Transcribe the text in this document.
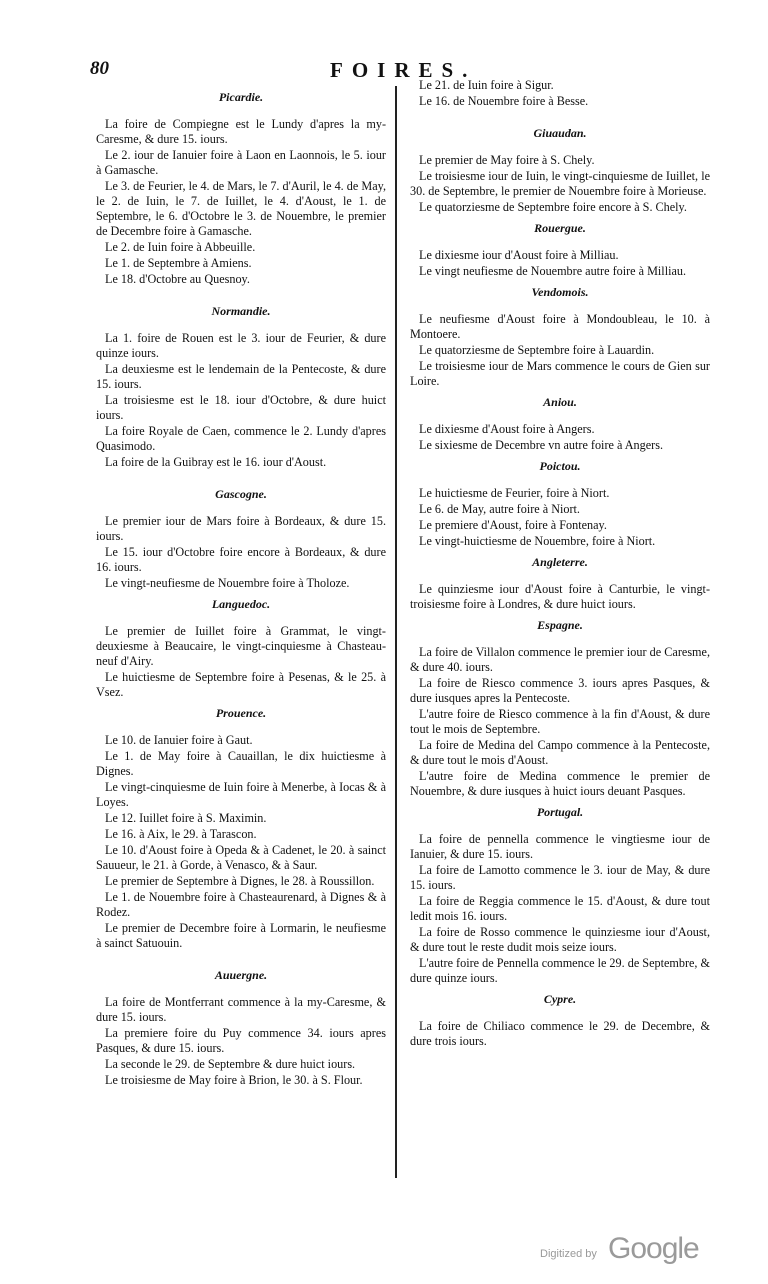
80	FOIRES.
Picardie.

La foire de Compiegne est le Lundy d'apres la my-Caresme, & dure 15. iours.

Le 2. iour de Ianuier foire à Laon en Laonnois, le 5. iour à Gamasche.

Le 3. de Feurier, le 4. de Mars, le 7. d'Auril, le 4. de May, le 2. de Iuin, le 7. de Iuillet, le 4. d'Aoust, le 1. de Septembre, le 6. d'Octobre le 3. de Nouembre, le premier de Decembre foire à Gamasche.

Le 2. de Iuin foire à Abbeuille.

Le 1. de Septembre à Amiens.

Le 18. d'Octobre au Quesnoy.

Normandie.

La 1. foire de Rouen est le 3. iour de Feurier, & dure quinze iours.

La deuxiesme est le lendemain de la Pentecoste, & dure 15. iours.

La troisiesme est le 18. iour d'Octobre, & dure huict iours.

La foire Royale de Caen, commence le 2. Lundy d'apres Quasimodo.

La foire de la Guibray est le 16. iour d'Aoust.

Gascogne.

Le premier iour de Mars foire à Bordeaux, & dure 15. iours.

Le 15. iour d'Octobre foire encore à Bordeaux, & dure 16. iours.

Le vingt-neufiesme de Nouembre foire à Tholoze.

Languedoc.

Le premier de Iuillet foire à Grammat, le vingt-deuxiesme à Beaucaire, le vingt-cinquiesme à Chasteau-neuf d'Airy.

Le huictiesme de Septembre foire à Pesenas, & le 25. à Vsez.

Prouence.

Le 10. de Ianuier foire à Gaut.

Le 1. de May foire à Cauaillan, le dix huictiesme à Dignes.

Le vingt-cinquiesme de Iuin foire à Menerbe, à Iocas & à Loyes.

Le 12. Iuillet foire à S. Maximin.

Le 16. à Aix, le 29. à Tarascon.

Le 10. d'Aoust foire à Opeda & à Cadenet, le 20. à sainct Sauueur, le 21. à Gorde, à Venasco, & à Saur.

Le premier de Septembre à Dignes, le 28. à Roussillon.

Le 1. de Nouembre foire à Chasteaurenard, à Dignes & à Rodez.

Le premier de Decembre foire à Lormarin, le neufiesme à sainct Satuouin.

Auuergne.

La foire de Montferrant commence à la my-Caresme, & dure 15. iours.

La premiere foire du Puy commence 34. iours apres Pasques, & dure 15. iours.

La seconde le 29. de Septembre & dure huict iours.

Le troisiesme de May foire à Brion, le 30. à S. Flour.

Le 21. de Iuin foire à Sigur.

Le 16. de Nouembre foire à Besse.

Giuaudan.

Le premier de May foire à S. Chely.

Le troisiesme iour de Iuin, le vingt-cinquiesme de Iuillet, le 30. de Septembre, le premier de Nouembre foire à Morieuse.

Le quatorziesme de Septembre foire encore à S. Chely.

Rouergue.

Le dixiesme iour d'Aoust foire à Milliau.

Le vingt neufiesme de Nouembre autre foire à Milliau.

Vendomois.

Le neufiesme d'Aoust foire à Mondoubleau, le 10. à Montoere.

Le quatorziesme de Septembre foire à Lauardin.

Le troisiesme iour de Mars commence le cours de Gien sur Loire.

Aniou.

Le dixiesme d'Aoust foire à Angers.

Le sixiesme de Decembre vn autre foire à Angers.

Poictou.

Le huictiesme de Feurier, foire à Niort.

Le 6. de May, autre foire à Niort.

Le premiere d'Aoust, foire à Fontenay.

Le vingt-huictiesme de Nouembre, foire à Niort.

Angleterre.

Le quinziesme iour d'Aoust foire à Canturbie, le vingt-troisiesme foire à Londres, & dure huict iours.

Espagne.

La foire de Villalon commence le premier iour de Caresme, & dure 40. iours.

La foire de Riesco commence 3. iours apres Pasques, & dure iusques apres la Pentecoste.

L'autre foire de Riesco commence à la fin d'Aoust, & dure tout le mois de Septembre.

La foire de Medina del Campo commence à la Pentecoste, & dure tout le mois d'Aoust.

L'autre foire de Medina commence le premier de Nouembre, & dure iusques à huict iours deuant Pasques.

Portugal.

La foire de pennella commence le vingtiesme iour de Ianuier, & dure 15. iours.

La foire de Lamotto commence le 3. iour de May, & dure 15. iours.

La foire de Reggia commence le 15. d'Aoust, & dure tout ledit mois 16. iours.

La foire de Rosso commence le quinziesme iour d'Aoust, & dure tout le reste dudit mois seize iours.

L'autre foire de Pennella commence le 29. de Septembre, & dure quinze iours.

Cypre.

La foire de Chiliaco commence le 29. de Decembre, & dure trois iours.

Digitized by Google
